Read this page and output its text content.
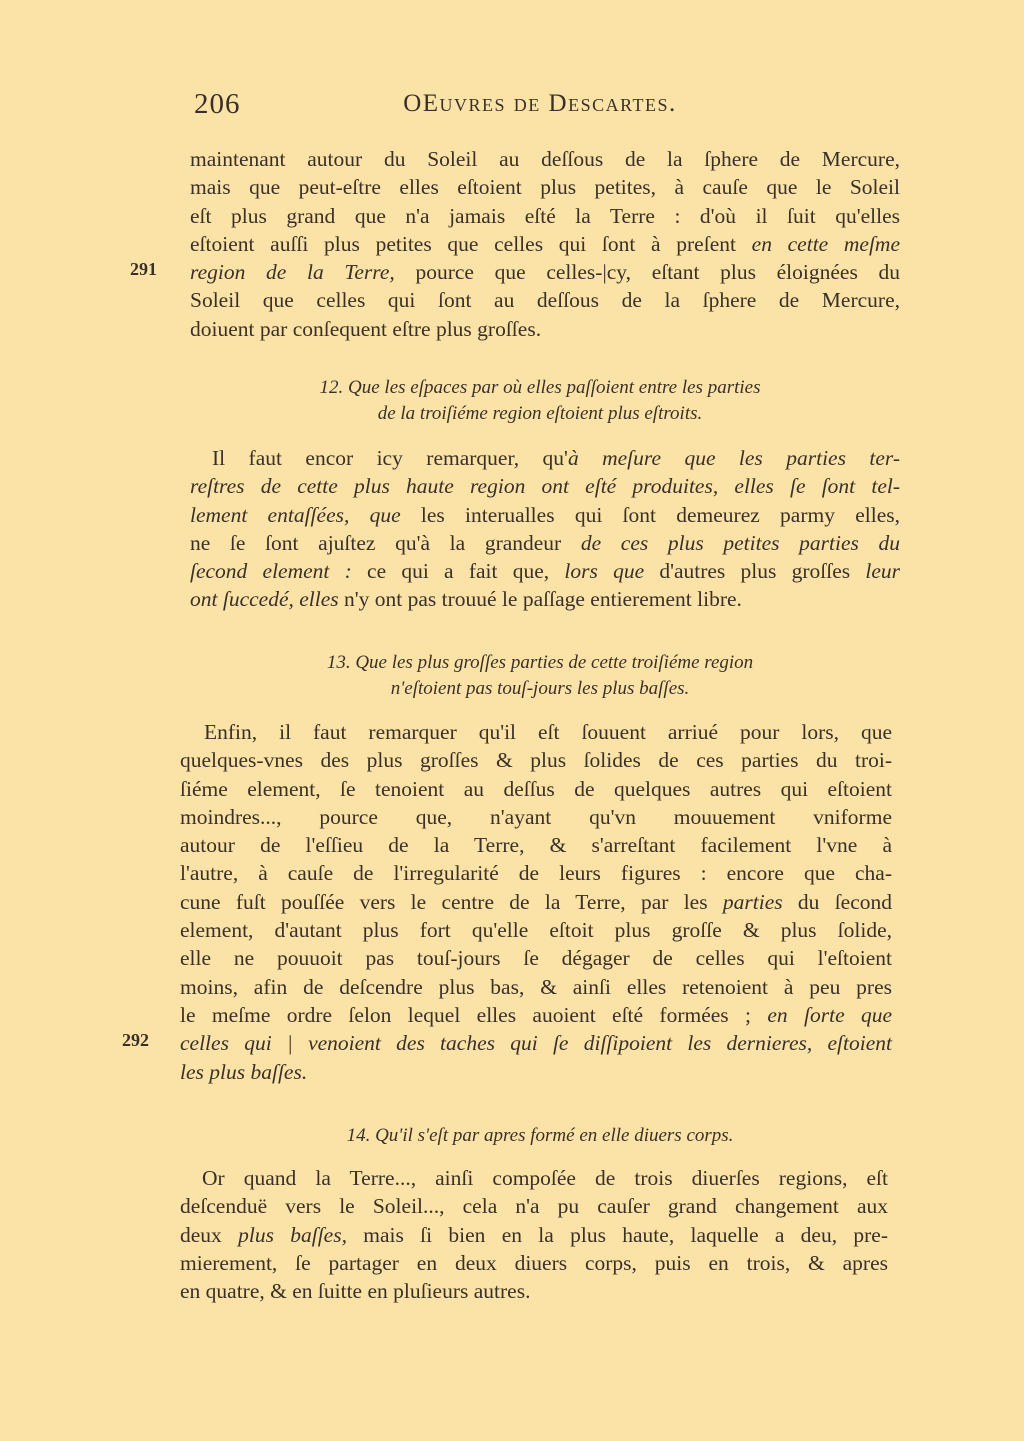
206	OEuvres de Descartes.
maintenant autour du Soleil au deſſous de la ſphere de Mercure,
mais que peut-eſtre elles eſtoient plus petites, à cauſe que le Soleil
eſt plus grand que n'a jamais eſté la Terre : d'où il ſuit qu'elles
eſtoient auſſi plus petites que celles qui ſont à preſent en cette meſme
region de la Terre, pource que celles-|cy, eſtant plus éloignées du
Soleil que celles qui ſont au deſſous de la ſphere de Mercure,
doiuent par conſequent eſtre plus groſſes.
291
12. Que les eſpaces par où elles paſſoient entre les parties
de la troiſiéme region eſtoient plus eſtroits.
Il faut encor icy remarquer, qu'à meſure que les parties ter-
reſtres de cette plus haute region ont eſté produites, elles ſe ſont tel-
lement entaſſées, que les interualles qui ſont demeurez parmy elles,
ne ſe ſont ajuſtez qu'à la grandeur de ces plus petites parties du
ſecond element : ce qui a fait que, lors que d'autres plus groſſes leur
ont ſuccedé, elles n'y ont pas trouué le paſſage entierement libre.
13. Que les plus groſſes parties de cette troiſiéme region
n'eſtoient pas touſ-jours les plus baſſes.
Enfin, il faut remarquer qu'il eſt ſouuent arriué pour lors, que
quelques-vnes des plus groſſes & plus ſolides de ces parties du troi-
ſiéme element, ſe tenoient au deſſus de quelques autres qui eſtoient
moindres..., pource que, n'ayant qu'vn mouuement vniforme
autour de l'eſſieu de la Terre, & s'arreſtant facilement l'vne à
l'autre, à cauſe de l'irregularité de leurs figures : encore que cha-
cune fuſt pouſſée vers le centre de la Terre, par les parties du ſecond
element, d'autant plus fort qu'elle eſtoit plus groſſe & plus ſolide,
elle ne pouuoit pas touſ-jours ſe dégager de celles qui l'eſtoient
moins, afin de deſcendre plus bas, & ainſi elles retenoient à peu pres
le meſme ordre ſelon lequel elles auoient eſté formées ; en ſorte que
celles qui | venoient des taches qui ſe diſſipoient les dernieres, eſtoient
les plus baſſes.
292
14. Qu'il s'eſt par apres formé en elle diuers corps.
Or quand la Terre..., ainſi compoſée de trois diuerſes regions, eſt
deſcenduë vers le Soleil..., cela n'a pu cauſer grand changement aux
deux plus baſſes, mais ſi bien en la plus haute, laquelle a deu, pre-
mierement, ſe partager en deux diuers corps, puis en trois, & apres
en quatre, & en ſuitte en pluſieurs autres.
